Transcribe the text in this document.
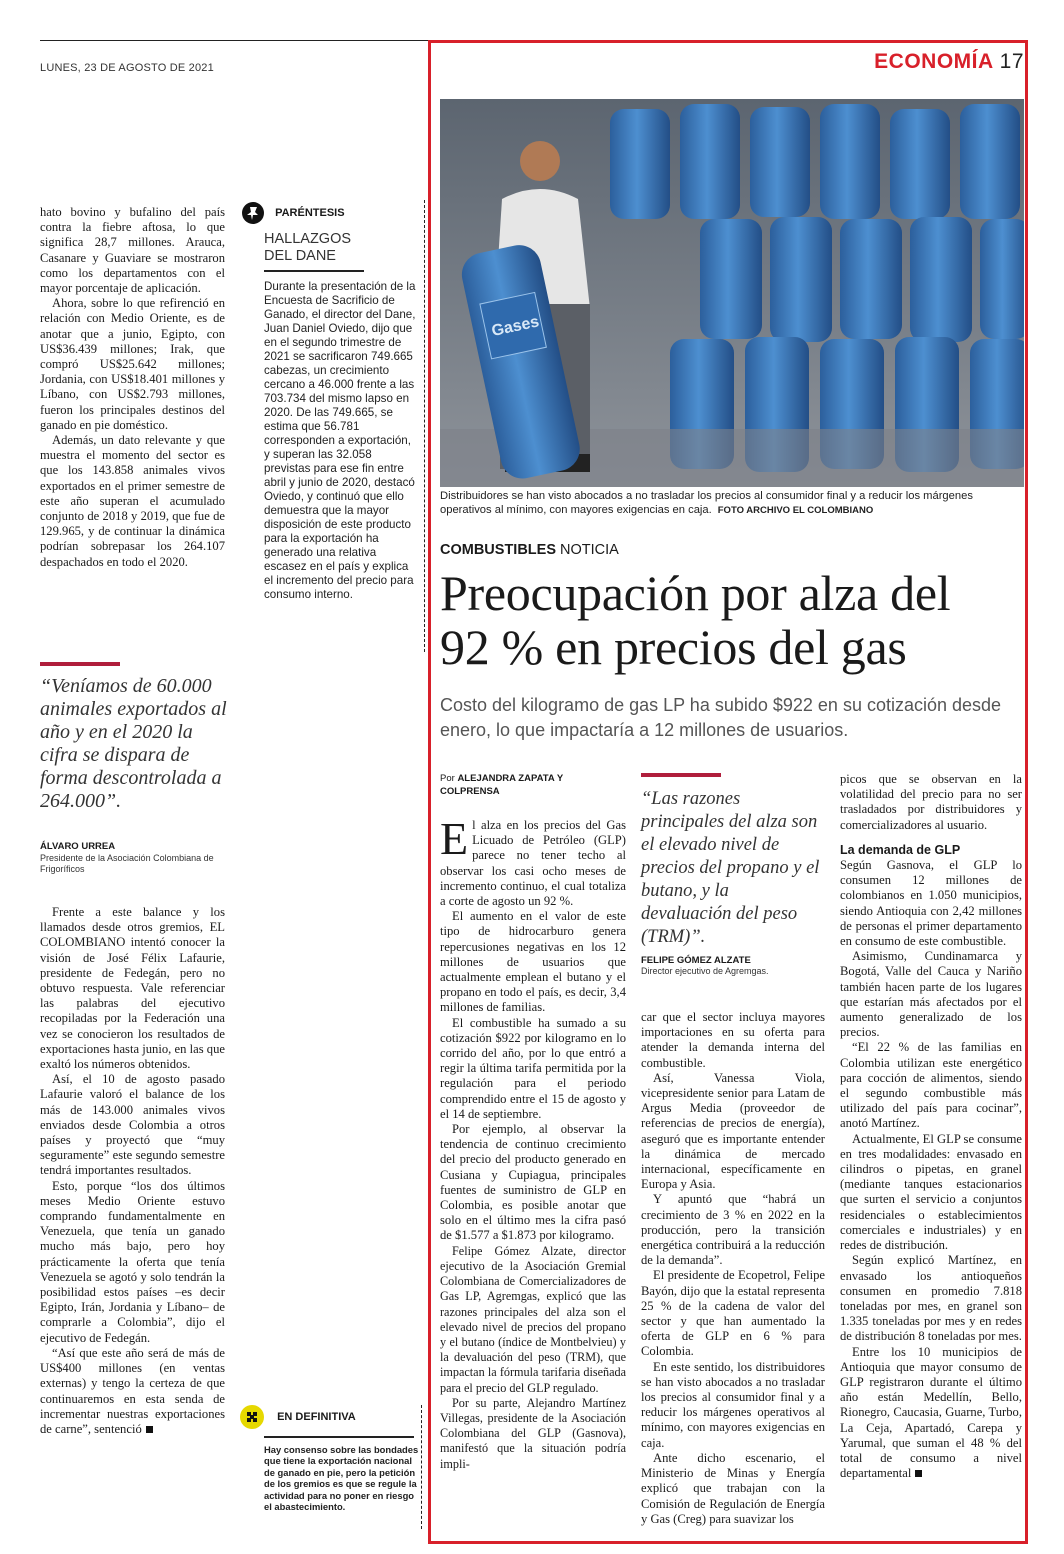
LUNES, 23 DE AGOSTO DE 2021	ECONOMÍA 17

hato bovino y bufalino del país contra la fiebre aftosa, lo que significa 28,7 millones. Arauca, Casanare y Guaviare se mostraron como los departamentos con el mayor porcentaje de aplicación.

Ahora, sobre lo que refirenció en relación con Medio Oriente, es de anotar que a junio, Egipto, con US$36.439 millones; Irak, que compró US$25.642 millones; Jordania, con US$18.401 millones y Líbano, con US$2.793 millones, fueron los principales destinos del ganado en pie doméstico.

Además, un dato relevante y que muestra el momento del sector es que los 143.858 animales vivos exportados en el primer semestre de este año superan el acumulado conjunto de 2018 y 2019, que fue de 129.965, y de continuar la dinámica podrían sobrepasar los 264.107 despachados en todo el 2020.

“Veníamos de 60.000 animales exportados al año y en el 2020 la cifra se dispara de forma descontrolada a 264.000”.
ÁLVARO URREA
Presidente de la Asociación Colombiana de Frigoríficos

Frente a este balance y los llamados desde otros gremios, EL COLOMBIANO intentó conocer la visión de José Félix Lafaurie, presidente de Fedegán, pero no obtuvo respuesta. Vale referenciar las palabras del ejecutivo recopiladas por la Federación una vez se conocieron los resultados de exportaciones hasta junio, en las que exaltó los números obtenidos.

Así, el 10 de agosto pasado Lafaurie valoró el balance de los más de 143.000 animales vivos enviados desde Colombia a otros países y proyectó que “muy seguramente” este segundo semestre tendrá importantes resultados.

Esto, porque “los dos últimos meses Medio Oriente estuvo comprando fundamentalmente en Venezuela, que tenía un ganado mucho más bajo, pero hoy prácticamente la oferta que tenía Venezuela se agotó y solo tendrán la posibilidad estos países –es decir Egipto, Irán, Jordania y Líbano– de comprarle a Colombia”, dijo el ejecutivo de Fedegán.

“Así que este año será de más de US$400 millones (en ventas externas) y tengo la certeza de que continuaremos en esta senda de incrementar nuestras exportaciones de carne”, sentenció

PARÉNTESIS
HALLAZGOS
DEL DANE
Durante la presentación de la Encuesta de Sacrificio de Ganado, el director del Dane, Juan Daniel Oviedo, dijo que en el segundo trimestre de 2021 se sacrificaron 749.665 cabezas, un crecimiento cercano a 46.000 frente a las 703.734 del mismo lapso en 2020. De las 749.665, se estima que 56.781 corresponden a exportación, y superan las 32.058 previstas para ese fin entre abril y junio de 2020, destacó Oviedo, y continuó que ello demuestra que la mayor disposición de este producto para la exportación ha generado una relativa escasez en el país y explica el incremento del precio para consumo interno.
EN DEFINITIVA
Hay consenso sobre las bondades que tiene la exportación nacional de ganado en pie, pero la petición de los gremios es que se regule la actividad para no poner en riesgo el abastecimiento.
Gases
Distribuidores se han visto abocados a no trasladar los precios al consumidor final y a reducir los márgenes operativos al mínimo, con mayores exigencias en caja. FOTO ARCHIVO EL COLOMBIANO
COMBUSTIBLES NOTICIA
Preocupación por alza del
92 % en precios del gas
Costo del kilogramo de gas LP ha subido $922 en su cotización desde enero, lo que impactaría a 12 millones de usuarios.
Por ALEJANDRA ZAPATA Y
COLPRENSA

El alza en los precios del Gas Licuado de Petróleo (GLP) parece no tener techo al observar los casi ocho meses de incremento continuo, el cual totaliza a corte de agosto un 92 %.

El aumento en el valor de este tipo de hidrocarburo genera repercusiones negativas en los 12 millones de usuarios que actualmente emplean el butano y el propano en todo el país, es decir, 3,4 millones de familias.

El combustible ha sumado a su cotización $922 por kilogramo en lo corrido del año, por lo que entró a regir la última tarifa permitida por la regulación para el periodo comprendido entre el 15 de agosto y el 14 de septiembre.

Por ejemplo, al observar la tendencia de continuo crecimiento del precio del producto generado en Cusiana y Cupiagua, principales fuentes de suministro de GLP en Colombia, es posible anotar que solo en el último mes la cifra pasó de $1.577 a $1.873 por kilogramo.

Felipe Gómez Alzate, director ejecutivo de la Asociación Gremial Colombiana de Comercializadores de Gas LP, Agremgas, explicó que las razones principales del alza son el elevado nivel de precios del propano y el butano (índice de Montbelvieu) y la devaluación del peso (TRM), que impactan la fórmula tarifaria diseñada para el precio del GLP regulado.

Por su parte, Alejandro Martínez Villegas, presidente de la Asociación Colombiana del GLP (Gasnova), manifestó que la situación podría impli-

“Las razones principales del alza son el elevado nivel de precios del propano y el butano, y la devaluación del peso (TRM)”.
FELIPE GÓMEZ ALZATE
Director ejecutivo de Agremgas.

car que el sector incluya mayores importaciones en su oferta para atender la demanda interna del combustible.

Así, Vanessa Viola, vicepresidente senior para Latam de Argus Media (proveedor de referencias de precios de energía), aseguró que es importante entender la dinámica de mercado internacional, específicamente en Europa y Asia.

Y apuntó que “habrá un crecimiento de 3 % en 2022 en la producción, pero la transición energética contribuirá a la reducción de la demanda”.

El presidente de Ecopetrol, Felipe Bayón, dijo que la estatal representa 25 % de la cadena de valor del sector y que han aumentado la oferta de GLP en 6 % para Colombia.

En este sentido, los distribuidores se han visto abocados a no trasladar los precios al consumidor final y a reducir los márgenes operativos al mínimo, con mayores exigencias en caja.

Ante dicho escenario, el Ministerio de Minas y Energía explicó que trabajan con la Comisión de Regulación de Energía y Gas (Creg) para suavizar los

picos que se observan en la volatilidad del precio para no ser trasladados por distribuidores y comercializadores al usuario.

La demanda de GLP

Según Gasnova, el GLP lo consumen 12 millones de colombianos en 1.050 municipios, siendo Antioquia con 2,42 millones de personas el primer departamento en consumo de este combustible.

Asimismo, Cundinamarca y Bogotá, Valle del Cauca y Nariño también hacen parte de los lugares que estarían más afectados por el aumento generalizado de los precios.

“El 22 % de las familias en Colombia utilizan este energético para cocción de alimentos, siendo el segundo combustible más utilizado del país para cocinar”, anotó Martínez.

Actualmente, El GLP se consume en tres modalidades: envasado en cilindros o pipetas, en granel (mediante tanques estacionarios que surten el servicio a conjuntos residenciales o establecimientos comerciales e industriales) y en redes de distribución.

Según explicó Martínez, en envasado los antioqueños consumen en promedio 7.818 toneladas por mes, en granel son 1.335 toneladas por mes y en redes de distribución 8 toneladas por mes.

Entre los 10 municipios de Antioquia que mayor consumo de GLP registraron durante el último año están Medellín, Bello, Rionegro, Caucasia, Guarne, Turbo, La Ceja, Apartadó, Carepa y Yarumal, que suman el 48 % del total de consumo a nivel departamental
